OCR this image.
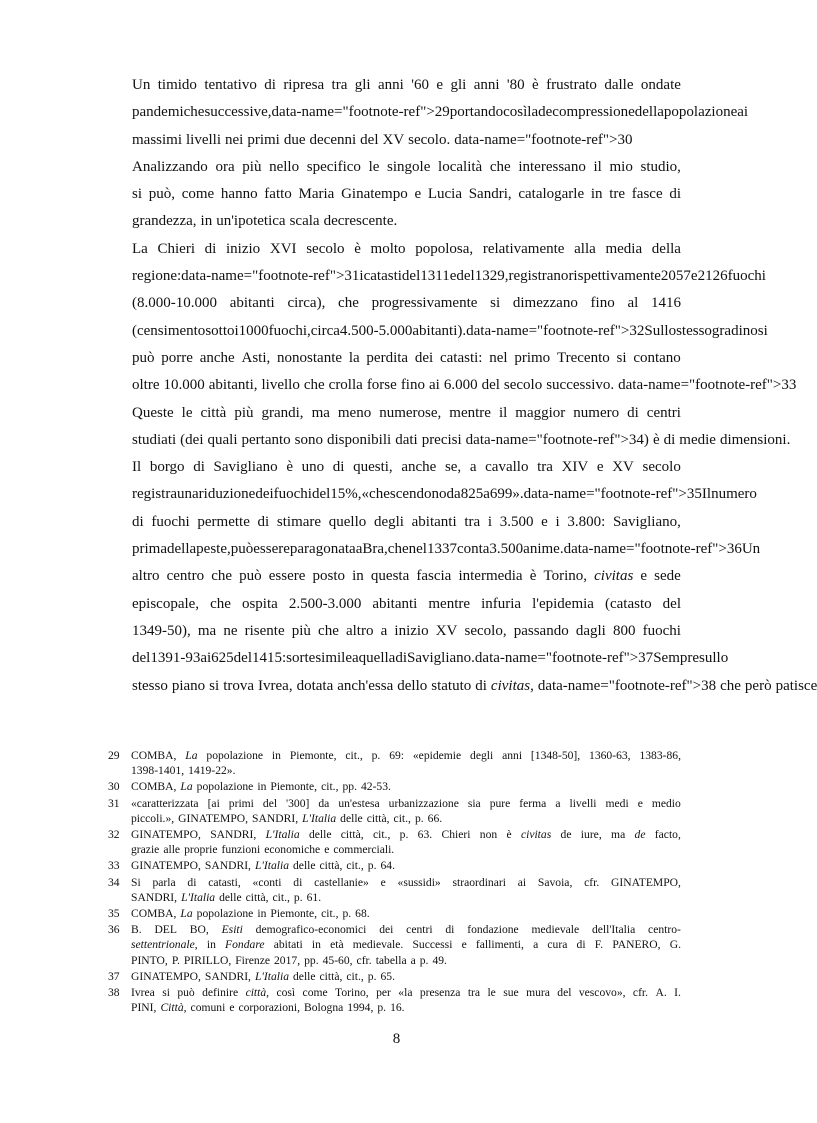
Un timido tentativo di ripresa tra gli anni '60 e gli anni '80 è frustrato dalle ondate
pandemiche successive, data-name="footnote-ref">29 portando così la decompressione della popolazione ai
massimi livelli nei primi due decenni del XV secolo. data-name="footnote-ref">30
Analizzando ora più nello specifico le singole località che interessano il mio studio,
si può, come hanno fatto Maria Ginatempo e Lucia Sandri, catalogarle in tre fasce di
grandezza, in un'ipotetica scala decrescente.
La Chieri di inizio XVI secolo è molto popolosa, relativamente alla media della
regione: data-name="footnote-ref">31 i catasti del 1311 e del 1329, registrano rispettivamente 2057 e 2126 fuochi
(8.000-10.000 abitanti circa), che progressivamente si dimezzano fino al 1416
(censimento sotto i 1000 fuochi, circa 4.500-5.000 abitanti). data-name="footnote-ref">32 Sullo stesso gradino si
può porre anche Asti, nonostante la perdita dei catasti: nel primo Trecento si contano
oltre 10.000 abitanti, livello che crolla forse fino ai 6.000 del secolo successivo. data-name="footnote-ref">33
Queste le città più grandi, ma meno numerose, mentre il maggior numero di centri
studiati (dei quali pertanto sono disponibili dati precisi data-name="footnote-ref">34) è di medie dimensioni.
Il borgo di Savigliano è uno di questi, anche se, a cavallo tra XIV e XV secolo
registra una riduzione dei fuochi del 15%, «che scendono da 825 a 699». data-name="footnote-ref">35 Il numero
di fuochi permette di stimare quello degli abitanti tra i 3.500 e i 3.800: Savigliano,
prima della peste, può essere paragonata a Bra, che nel 1337 conta 3.500 anime. data-name="footnote-ref">36 Un
altro centro che può essere posto in questa fascia intermedia è Torino, civitas e sede
episcopale, che ospita 2.500-3.000 abitanti mentre infuria l'epidemia (catasto del
1349-50), ma ne risente più che altro a inizio XV secolo, passando dagli 800 fuochi
del 1391-93 ai 625 del 1415: sorte simile a quella di Savigliano. data-name="footnote-ref">37 Sempre sullo
stesso piano si trova Ivrea, dotata anch'essa dello statuto di civitas, data-name="footnote-ref">38 che però patisce
29 COMBA, La popolazione in Piemonte, cit., p. 69: «epidemie degli anni [1348-50], 1360-63, 1383-86,
1398-1401, 1419-22».
30 COMBA, La popolazione in Piemonte, cit., pp. 42-53.
31 «caratterizzata [ai primi del '300] da un'estesa urbanizzazione sia pure ferma a livelli medi e medio
piccoli.», GINATEMPO, SANDRI, L'Italia delle città, cit., p. 66.
32 GINATEMPO, SANDRI, L'Italia delle città, cit., p. 63. Chieri non è civitas de iure, ma de facto,
grazie alle proprie funzioni economiche e commerciali.
33 GINATEMPO, SANDRI, L'Italia delle città, cit., p. 64.
34 Si parla di catasti, «conti di castellanie» e «sussidi» straordinari ai Savoia, cfr. GINATEMPO,
SANDRI, L'Italia delle città, cit., p. 61.
35 COMBA, La popolazione in Piemonte, cit., p. 68.
36 B. DEL BO, Esiti demografico-economici dei centri di fondazione medievale dell'Italia centro-
settentrionale, in Fondare abitati in età medievale. Successi e fallimenti, a cura di F. PANERO, G.
PINTO, P. PIRILLO, Firenze 2017, pp. 45-60, cfr. tabella a p. 49.
37 GINATEMPO, SANDRI, L'Italia delle città, cit., p. 65.
38 Ivrea si può definire città, così come Torino, per «la presenza tra le sue mura del vescovo», cfr. A. I.
PINI, Città, comuni e corporazioni, Bologna 1994, p. 16.
8
